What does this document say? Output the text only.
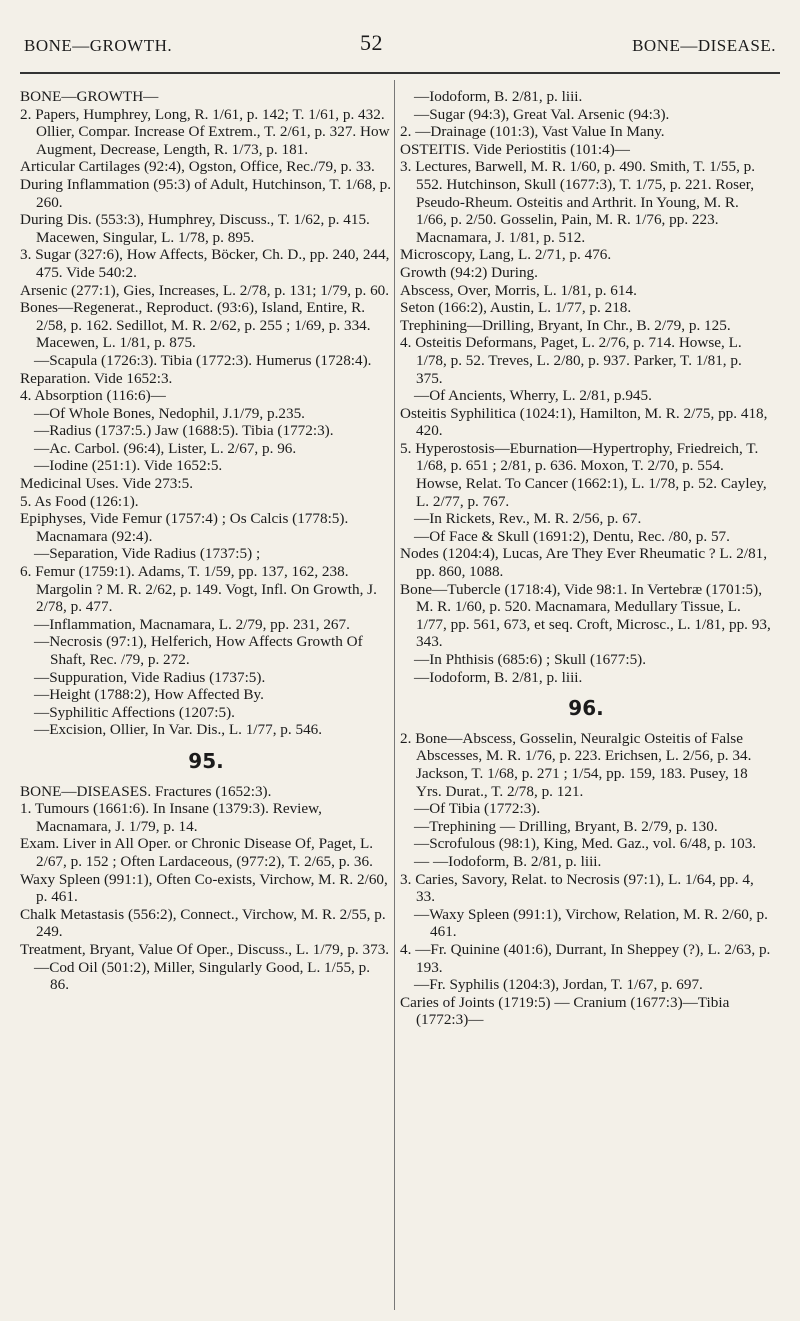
BONE—GROWTH.	52	BONE—DISEASE.

BONE—GROWTH—

2. Papers, Humphrey, Long, R. 1/61, p. 142; T. 1/61, p. 432. Ollier, Compar. Increase Of Extrem., T. 2/61, p. 327. How Augment, Decrease, Length, R. 1/73, p. 181.

Articular Cartilages (92:4), Ogston, Office, Rec./79, p. 33.

During Inflammation (95:3) of Adult, Hutchinson, T. 1/68, p. 260.

During Dis. (553:3), Humphrey, Discuss., T. 1/62, p. 415. Macewen, Singular, L. 1/78, p. 895.

3. Sugar (327:6), How Affects, Böcker, Ch. D., pp. 240, 244, 475. Vide 540:2.

Arsenic (277:1), Gies, Increases, L. 2/78, p. 131; 1/79, p. 60.

Bones—Regenerat., Reproduct. (93:6), Island, Entire, R. 2/58, p. 162. Sedillot, M. R. 2/62, p. 255 ; 1/69, p. 334. Macewen, L. 1/81, p. 875.

—Scapula (1726:3). Tibia (1772:3). Humerus (1728:4).

Reparation. Vide 1652:3.

4. Absorption (116:6)—

—Of Whole Bones, Nedophil, J.1/79, p.235.

—Radius (1737:5.) Jaw (1688:5). Tibia (1772:3).

—Ac. Carbol. (96:4), Lister, L. 2/67, p. 96.

—Iodine (251:1). Vide 1652:5.

Medicinal Uses. Vide 273:5.

5. As Food (126:1).

Epiphyses, Vide Femur (1757:4) ; Os Calcis (1778:5). Macnamara (92:4).

—Separation, Vide Radius (1737:5) ;

6. Femur (1759:1). Adams, T. 1/59, pp. 137, 162, 238. Margolin ? M. R. 2/62, p. 149. Vogt, Infl. On Growth, J. 2/78, p. 477.

—Inflammation, Macnamara, L. 2/79, pp. 231, 267.

—Necrosis (97:1), Helferich, How Affects Growth Of Shaft, Rec. /79, p. 272.

—Suppuration, Vide Radius (1737:5).

—Height (1788:2), How Affected By.

—Syphilitic Affections (1207:5).

—Excision, Ollier, In Var. Dis., L. 1/77, p. 546.

95.

BONE—DISEASES. Fractures (1652:3).

1. Tumours (1661:6). In Insane (1379:3). Review, Macnamara, J. 1/79, p. 14.

Exam. Liver in All Oper. or Chronic Disease Of, Paget, L. 2/67, p. 152 ; Often Lardaceous, (977:2), T. 2/65, p. 36.

Waxy Spleen (991:1), Often Co-exists, Virchow, M. R. 2/60, p. 461.

Chalk Metastasis (556:2), Connect., Virchow, M. R. 2/55, p. 249.

Treatment, Bryant, Value Of Oper., Discuss., L. 1/79, p. 373.

—Cod Oil (501:2), Miller, Singularly Good, L. 1/55, p. 86.

—Iodoform, B. 2/81, p. liii.

—Sugar (94:3), Great Val. Arsenic (94:3).

2. —Drainage (101:3), Vast Value In Many.

OSTEITIS. Vide Periostitis (101:4)—

3. Lectures, Barwell, M. R. 1/60, p. 490. Smith, T. 1/55, p. 552. Hutchinson, Skull (1677:3), T. 1/75, p. 221. Roser, Pseudo-Rheum. Osteitis and Arthrit. In Young, M. R. 1/66, p. 2/50. Gosselin, Pain, M. R. 1/76, pp. 223. Macnamara, J. 1/81, p. 512.

Microscopy, Lang, L. 2/71, p. 476.

Growth (94:2) During.

Abscess, Over, Morris, L. 1/81, p. 614.

Seton (166:2), Austin, L. 1/77, p. 218.

Trephining—Drilling, Bryant, In Chr., B. 2/79, p. 125.

4. Osteitis Deformans, Paget, L. 2/76, p. 714. Howse, L. 1/78, p. 52. Treves, L. 2/80, p. 937. Parker, T. 1/81, p. 375.

—Of Ancients, Wherry, L. 2/81, p.945.

Osteitis Syphilitica (1024:1), Hamilton, M. R. 2/75, pp. 418, 420.

5. Hyperostosis—Eburnation—Hypertrophy, Friedreich, T. 1/68, p. 651 ; 2/81, p. 636. Moxon, T. 2/70, p. 554. Howse, Relat. To Cancer (1662:1), L. 1/78, p. 52. Cayley, L. 2/77, p. 767.

—In Rickets, Rev., M. R. 2/56, p. 67.

—Of Face & Skull (1691:2), Dentu, Rec. /80, p. 57.

Nodes (1204:4), Lucas, Are They Ever Rheumatic ? L. 2/81, pp. 860, 1088.

Bone—Tubercle (1718:4), Vide 98:1. In Vertebræ (1701:5), M. R. 1/60, p. 520. Macnamara, Medullary Tissue, L. 1/77, pp. 561, 673, et seq. Croft, Microsc., L. 1/81, pp. 93, 343.

—In Phthisis (685:6) ; Skull (1677:5).

—Iodoform, B. 2/81, p. liii.

96.

2. Bone—Abscess, Gosselin, Neuralgic Osteitis of False Abscesses, M. R. 1/76, p. 223. Erichsen, L. 2/56, p. 34. Jackson, T. 1/68, p. 271 ; 1/54, pp. 159, 183. Pusey, 18 Yrs. Durat., T. 2/78, p. 121.

—Of Tibia (1772:3).

—Trephining — Drilling, Bryant, B. 2/79, p. 130.

—Scrofulous (98:1), King, Med. Gaz., vol. 6/48, p. 103.

— —Iodoform, B. 2/81, p. liii.

3. Caries, Savory, Relat. to Necrosis (97:1), L. 1/64, pp. 4, 33.

—Waxy Spleen (991:1), Virchow, Relation, M. R. 2/60, p. 461.

4. —Fr. Quinine (401:6), Durrant, In Sheppey (?), L. 2/63, p. 193.

—Fr. Syphilis (1204:3), Jordan, T. 1/67, p. 697.

Caries of Joints (1719:5) — Cranium (1677:3)—Tibia (1772:3)—
